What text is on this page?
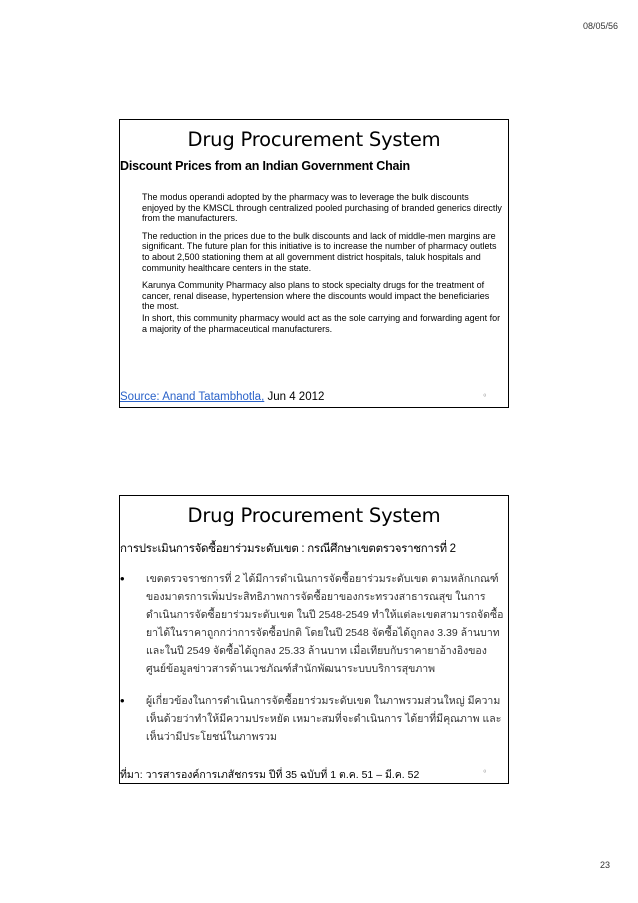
08/05/56
Drug Procurement System
Discount Prices from an Indian Government Chain

The modus operandi adopted by the pharmacy was to leverage the bulk discounts enjoyed by the KMSCL through centralized pooled purchasing of branded generics directly from the manufacturers.

The reduction in the prices due to the bulk discounts and lack of middle-men margins are significant. The future plan for this initiative is to increase the number of pharmacy outlets to about 2,500 stationing them at all government district hospitals, taluk hospitals and community healthcare centers in the state.

Karunya Community Pharmacy also plans to stock specialty drugs for the treatment of cancer, renal disease, hypertension where the discounts would impact the beneficiaries the most.

In short, this community pharmacy would act as the sole carrying and forwarding agent for a majority of the pharmaceutical manufacturers.

Source: Anand Tatambhotla, Jun 4 2012	º
Drug Procurement System
การประเมินการจัดซื้อยาร่วมระดับเขต : กรณีศึกษาเขตตรวจราชการที่ 2
• เขตตรวจราชการที่ 2 ได้มีการดำเนินการจัดซื้อยาร่วมระดับเขต ตามหลักเกณฑ์ของมาตรการเพิ่มประสิทธิภาพการจัดซื้อยาของกระทรวงสาธารณสุข ในการดำเนินการจัดซื้อยาร่วมระดับเขต ในปี 2548-2549 ทำให้แต่ละเขตสามารถจัดซื้อยาได้ในราคาถูกกว่าการจัดซื้อปกติ โดยในปี 2548 จัดซื้อได้ถูกลง 3.39 ล้านบาทและในปี 2549 จัดซื้อได้ถูกลง 25.33 ล้านบาท เมื่อเทียบกับราคายาอ้างอิงของศูนย์ข้อมูลข่าวสารด้านเวชภัณฑ์สำนักพัฒนาระบบบริการสุขภาพ
• ผู้เกี่ยวข้องในการดำเนินการจัดซื้อยาร่วมระดับเขต ในภาพรวมส่วนใหญ่ มีความเห็นด้วยว่าทำให้มีความประหยัด เหมาะสมที่จะดำเนินการ ได้ยาที่มีคุณภาพ และเห็นว่ามีประโยชน์ในภาพรวม
ที่มา: วารสารองค์การเภสัชกรรม ปีที่ 35 ฉบับที่ 1 ต.ค. 51 – มี.ค. 52	º
23
